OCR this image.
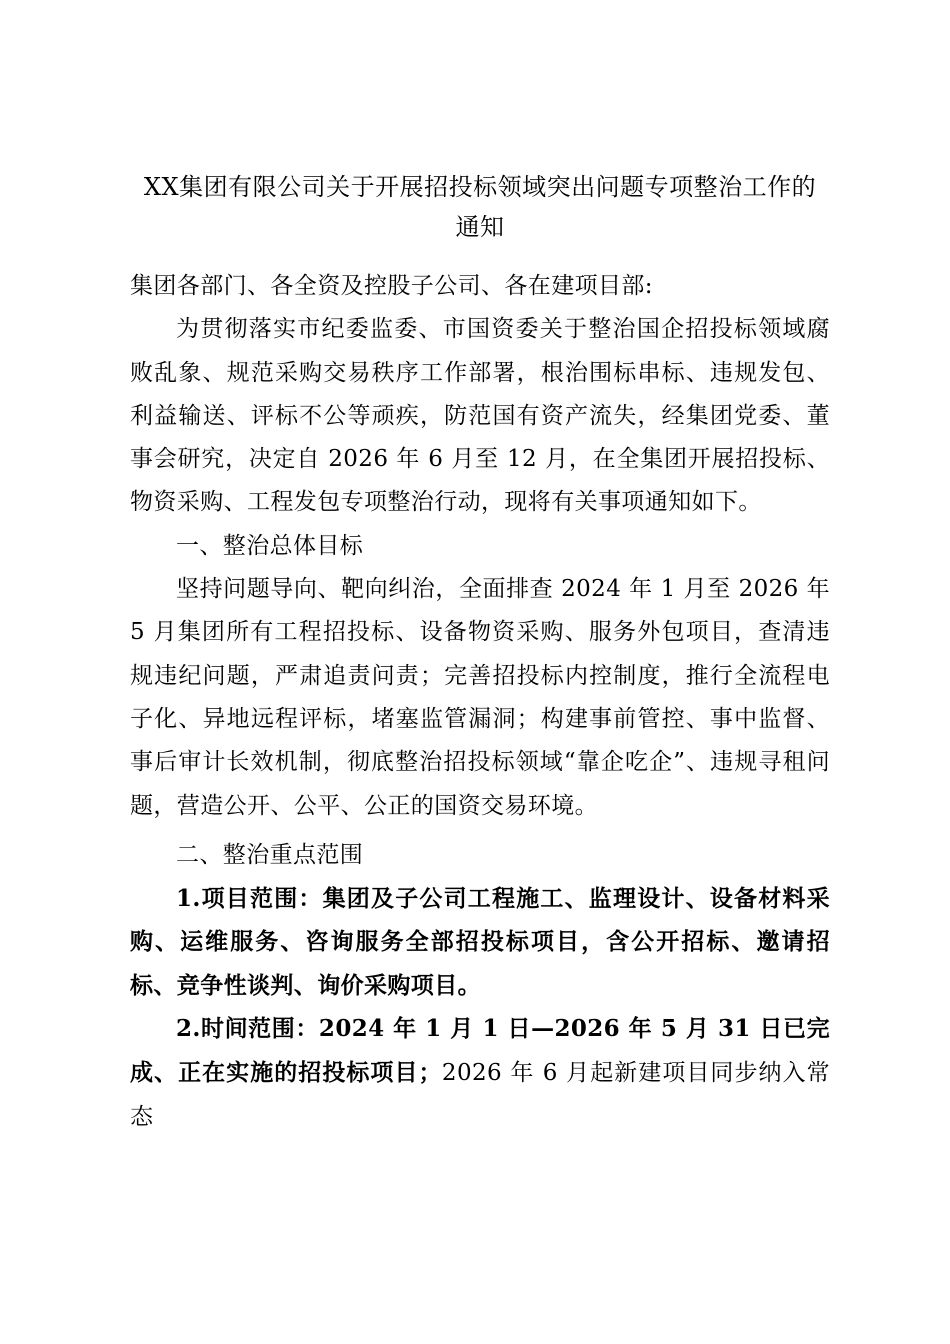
XX集团有限公司关于开展招投标领域突出问题专项整治工作的
通知

集团各部门、各全资及控股子公司、各在建项目部:

为贯彻落实市纪委监委、市国资委关于整治国企招投标领域腐败乱象、规范采购交易秩序工作部署，根治围标串标、违规发包、利益输送、评标不公等顽疾，防范国有资产流失，经集团党委、董事会研究，决定自 2026 年 6 月至 12 月，在全集团开展招投标、物资采购、工程发包专项整治行动，现将有关事项通知如下。

一、整治总体目标

坚持问题导向、靶向纠治，全面排查 2024 年 1 月至 2026 年 5 月集团所有工程招投标、设备物资采购、服务外包项目，查清违规违纪问题，严肃追责问责；完善招投标内控制度，推行全流程电子化、异地远程评标，堵塞监管漏洞；构建事前管控、事中监督、事后审计长效机制，彻底整治招投标领域“靠企吃企”、违规寻租问题，营造公开、公平、公正的国资交易环境。

二、整治重点范围

1.项目范围：集团及子公司工程施工、监理设计、设备材料采购、运维服务、咨询服务全部招投标项目，含公开招标、邀请招标、竞争性谈判、询价采购项目。

2.时间范围：2024 年 1 月 1 日—2026 年 5 月 31 日已完成、正在实施的招投标项目；2026 年 6 月起新建项目同步纳入常态
